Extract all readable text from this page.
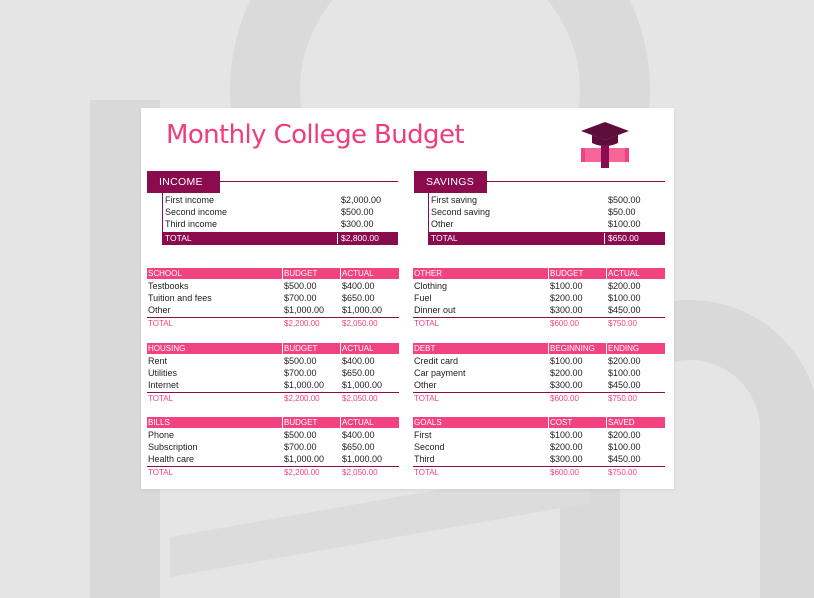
Monthly College Budget
INCOME
First income	$2,000.00
Second income	$500.00
Third income	$300.00
TOTAL	$2,800.00
SAVINGS
First saving	$500.00
Second saving	$50.00
Other	$100.00
TOTAL	$650.00
SCHOOL	BUDGET	ACTUAL
Testbooks	$500.00	$400.00
Tuition and fees	$700.00	$650.00
Other	$1,000.00 $1,000.00
TOTAL	$2,200.00	$2,050.00
OTHER	BUDGET	ACTUAL
Clothing	$100.00	$200.00
Fuel	$200.00	$100.00
Dinner out	$300.00	$450.00
TOTAL	$600.00	$750.00
HOUSING	BUDGET	ACTUAL
Rent	$500.00	$400.00
Utilities	$700.00	$650.00
Internet	$1,000.00 $1,000.00
TOTAL	$2,200.00	$2,050.00
DEBT	BEGINNING ENDING
Credit card	$100.00	$200.00
Car payment	$200.00	$100.00
Other	$300.00	$450.00
TOTAL	$600.00	$750.00
BILLS	BUDGET	ACTUAL
Phone	$500.00	$400.00
Subscription	$700.00	$650.00
Health care	$1,000.00 $1,000.00
TOTAL	$2,200.00	$2,050.00
GOALS	COST	SAVED
First	$100.00	$200.00
Second	$200.00	$100.00
Third	$300.00	$450.00
TOTAL	$600.00	$750.00
